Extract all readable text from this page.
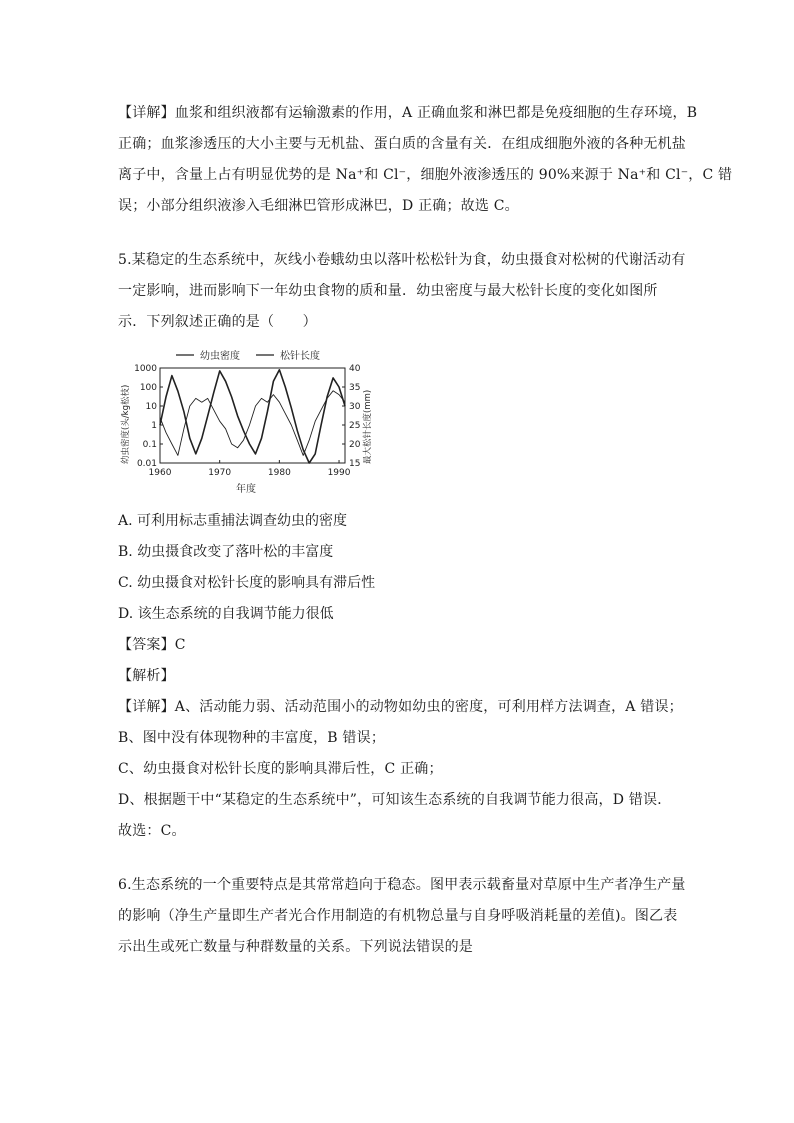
【详解】血浆和组织液都有运输激素的作用，A 正确血浆和淋巴都是免疫细胞的生存环境，B
正确；血浆渗透压的大小主要与无机盐、蛋白质的含量有关．在组成细胞外液的各种无机盐
离子中，含量上占有明显优势的是 Na⁺和 Cl⁻，细胞外液渗透压的 90%来源于 Na⁺和 Cl⁻，C 错
误；小部分组织液渗入毛细淋巴管形成淋巴，D 正确；故选 C。

5.某稳定的生态系统中，灰线小卷蛾幼虫以落叶松松针为食，幼虫摄食对松树的代谢活动有
一定影响，进而影响下一年幼虫食物的质和量．幼虫密度与最大松针长度的变化如图所
示．下列叙述正确的是（　　）

幼虫密度	松针长度
幼虫密度(头/kg松枝)	最大松针长度(mm)
年度
1000
100
10
1
0.1
0.01
40
35
30
25
20
15
1960	1970	1980	1990

A. 可利用标志重捕法调查幼虫的密度

B. 幼虫摄食改变了落叶松的丰富度

C. 幼虫摄食对松针长度的影响具有滞后性

D. 该生态系统的自我调节能力很低

【答案】C

【解析】

【详解】A、活动能力弱、活动范围小的动物如幼虫的密度，可利用样方法调查，A 错误；
B、图中没有体现物种的丰富度，B 错误；
C、幼虫摄食对松针长度的影响具滞后性，C 正确；
D、根据题干中“某稳定的生态系统中”，可知该生态系统的自我调节能力很高，D 错误．
故选：C。

6.生态系统的一个重要特点是其常常趋向于稳态。图甲表示载畜量对草原中生产者净生产量
的影响（净生产量即生产者光合作用制造的有机物总量与自身呼吸消耗量的差值)。图乙表
示出生或死亡数量与种群数量的关系。下列说法错误的是
